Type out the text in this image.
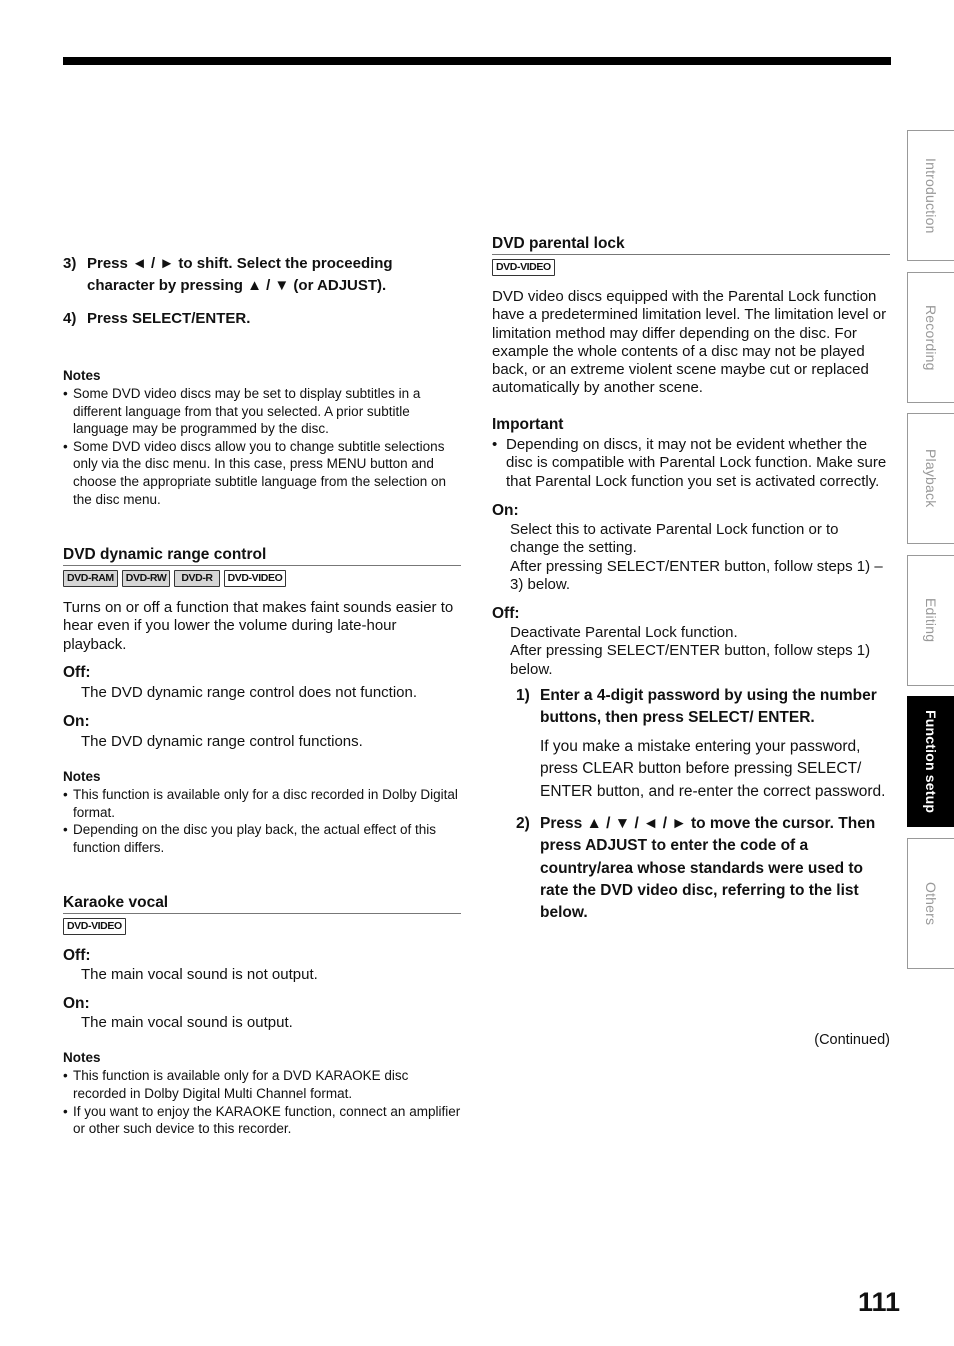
3) Press ◄ / ► to shift. Select the proceeding character by pressing ▲ / ▼ (or ADJUST).
4) Press SELECT/ENTER.
Notes
• Some DVD video discs may be set to display subtitles in a different language from that you selected. A prior subtitle language may be programmed by the disc.
• Some DVD video discs allow you to change subtitle selections only via the disc menu. In this case, press MENU button and choose the appropriate subtitle language from the selection on the disc menu.
DVD dynamic range control
DVD-RAM	DVD-RW	DVD-R	DVD-VIDEO
Turns on or off a function that makes faint sounds easier to hear even if you lower the volume during late-hour playback.
Off:
The DVD dynamic range control does not function.
On:
The DVD dynamic range control functions.
Notes
• This function is available only for a disc recorded in Dolby Digital format.
• Depending on the disc you play back, the actual effect of this function differs.
Karaoke vocal
DVD-VIDEO
Off:
The main vocal sound is not output.
On:
The main vocal sound is output.
Notes
• This function is available only for a DVD KARAOKE disc recorded in Dolby Digital Multi Channel format.
• If you want to enjoy the KARAOKE function, connect an amplifier or other such device to this recorder.
DVD parental lock
DVD-VIDEO
DVD video discs equipped with the Parental Lock function have a predetermined limitation level. The limitation level or limitation method may differ depending on the disc. For example the whole contents of a disc may not be played back, or an extreme violent scene maybe cut or replaced automatically by another scene.
Important
• Depending on discs, it may not be evident whether the disc is compatible with Parental Lock function. Make sure that Parental Lock function you set is activated correctly.
On:
Select this to activate Parental Lock function or to change the setting.
After pressing SELECT/ENTER button, follow steps 1) – 3) below.
Off:
Deactivate Parental Lock function.
After pressing SELECT/ENTER button, follow steps 1) below.
1) Enter a 4-digit password by using the number buttons, then press SELECT/ ENTER.
If you make a mistake entering your password, press CLEAR button before pressing SELECT/ ENTER button, and re-enter the correct password.
2) Press ▲ / ▼ / ◄ / ► to move the cursor. Then press ADJUST to enter the code of a country/area whose standards were used to rate the DVD video disc, referring to the list below.
(Continued)
111
Introduction
Recording
Playback
Editing
Function setup
Others
